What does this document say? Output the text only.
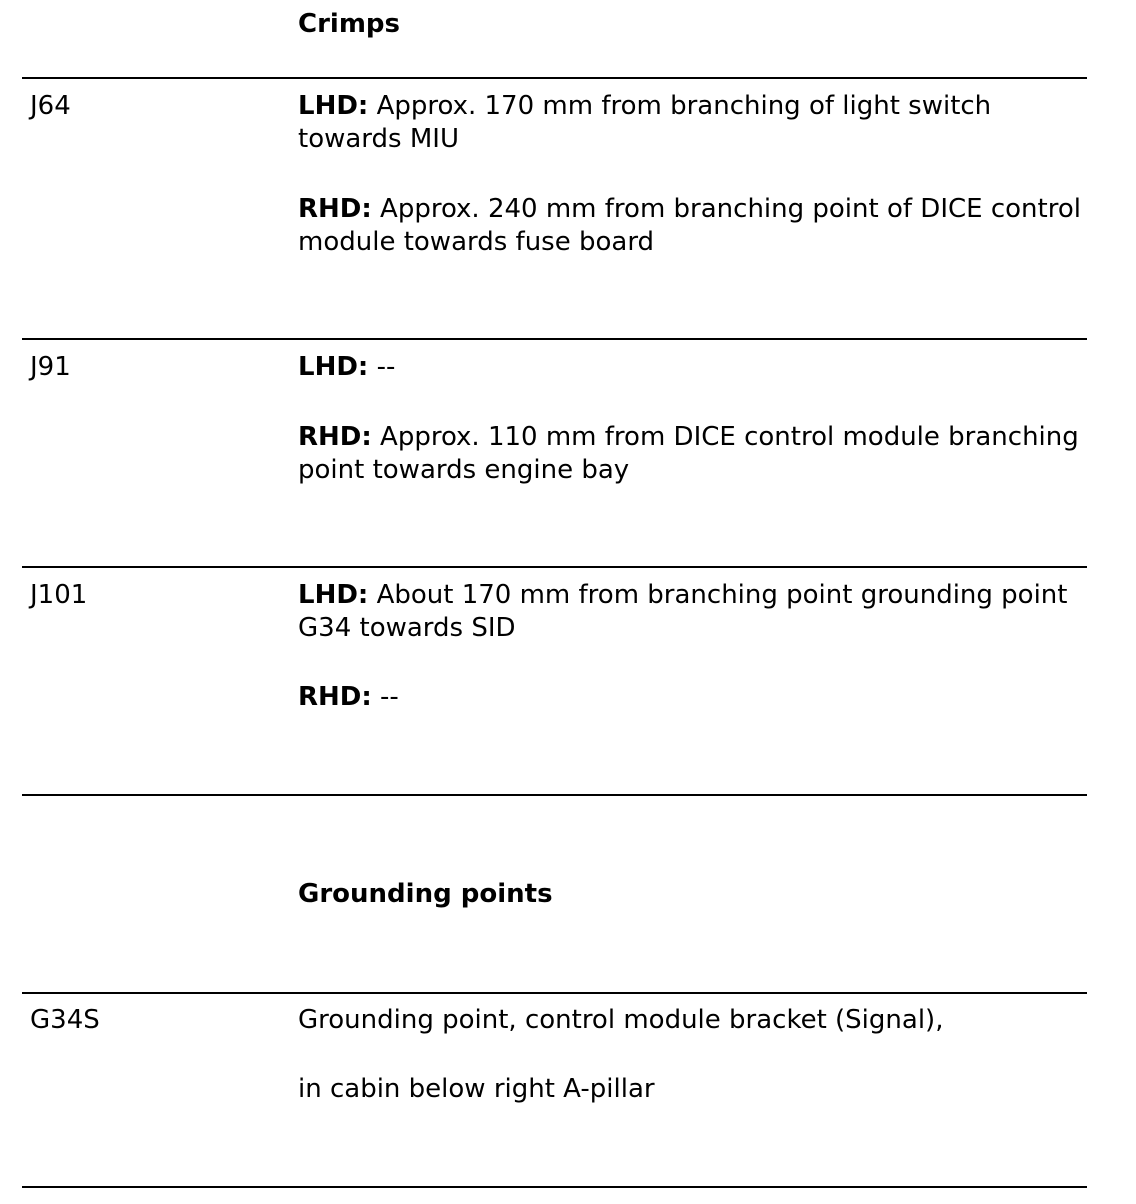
Crimps
J64	LHD: Approx. 170 mm from branching of light switch towards MIU
RHD: Approx. 240 mm from branching point of DICE control module towards fuse board
J91	LHD: --
RHD: Approx. 110 mm from DICE control module branching point towards engine bay
J101	LHD: About 170 mm from branching point grounding point G34 towards SID
RHD: --
Grounding points
G34S	Grounding point, control module bracket (Signal),
in cabin below right A-pillar
